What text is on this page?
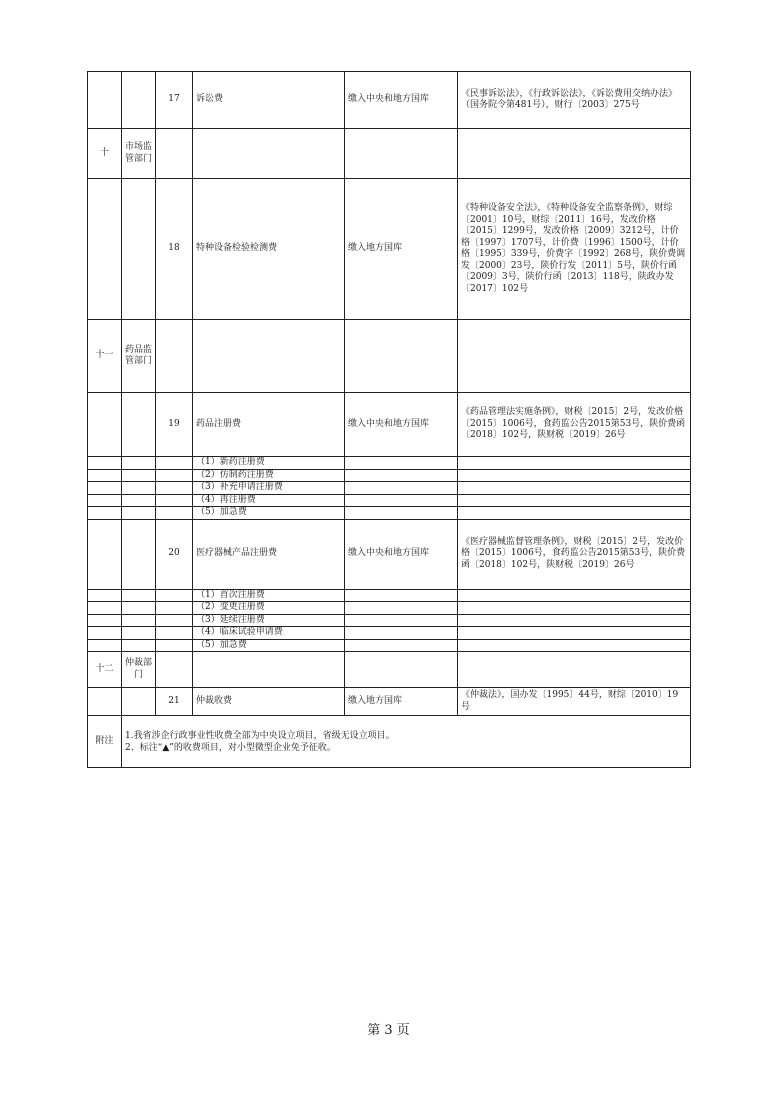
		17	诉讼费	缴入中央和地方国库	《民事诉讼法》，《行政诉讼法》，《诉讼费用交纳办法》（国务院令第481号），财行〔2003〕275号
十	市场监管部门				
		18	特种设备检验检测费	缴入地方国库	《特种设备安全法》，《特种设备安全监察条例》，财综〔2001〕10号，财综〔2011〕16号，发改价格〔2015〕1299号，发改价格〔2009〕3212号，计价格〔1997〕1707号，计价费〔1996〕1500号，计价格〔1995〕339号，价费字〔1992〕268号，陕价费调发〔2000〕23号，陕价行发〔2011〕5号，陕价行函〔2009〕3号，陕价行函〔2013〕118号，陕政办发〔2017〕102号
十一	药品监管部门				
		19	药品注册费	缴入中央和地方国库	《药品管理法实施条例》，财税〔2015〕2号，发改价格〔2015〕1006号，食药监公告2015第53号，陕价费函〔2018〕102号，陕财税〔2019〕26号
			（1）新药注册费		
			（2）仿制药注册费		
			（3）补充申请注册费		
			（4）再注册费		
			（5）加急费		
		20	医疗器械产品注册费	缴入中央和地方国库	《医疗器械监督管理条例》，财税〔2015〕2号，发改价格〔2015〕1006号，食药监公告2015第53号，陕价费函〔2018〕102号，陕财税〔2019〕26号
			（1）首次注册费		
			（2）变更注册费		
			（3）延续注册费		
			（4）临床试验申请费		
			（5）加急费		
十二	仲裁部门				
		21	仲裁收费	缴入地方国库	《仲裁法》，国办发〔1995〕44号，财综〔2010〕19号
附注	1.我省涉企行政事业性收费全部为中央设立项目，省级无设立项目。
2、标注“▲”的收费项目，对小型微型企业免予征收。				
第 3 页
